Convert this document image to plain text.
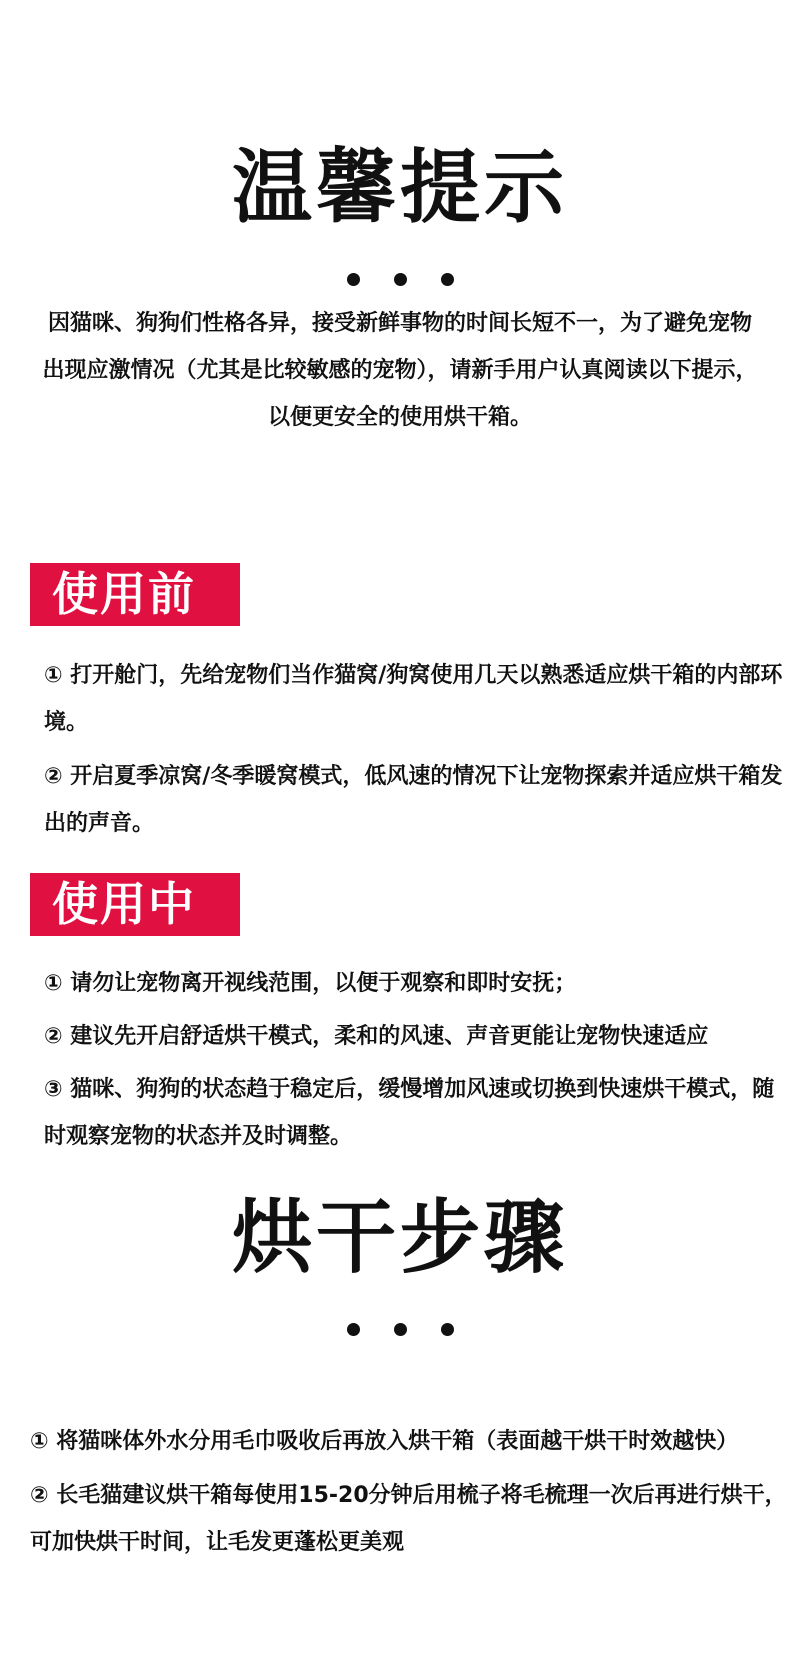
温馨提示

因猫咪、狗狗们性格各异，接受新鲜事物的时间长短不一，为了避免宠物出现应激情况（尤其是比较敏感的宠物），请新手用户认真阅读以下提示，以便更安全的使用烘干箱。

使用前

① 打开舱门，先给宠物们当作猫窝/狗窝使用几天以熟悉适应烘干箱的内部环境。

② 开启夏季凉窝/冬季暖窝模式，低风速的情况下让宠物探索并适应烘干箱发出的声音。

使用中

① 请勿让宠物离开视线范围，以便于观察和即时安抚；

② 建议先开启舒适烘干模式，柔和的风速、声音更能让宠物快速适应

③ 猫咪、狗狗的状态趋于稳定后，缓慢增加风速或切换到快速烘干模式，随时观察宠物的状态并及时调整。

烘干步骤

① 将猫咪体外水分用毛巾吸收后再放入烘干箱（表面越干烘干时效越快）

② 长毛猫建议烘干箱每使用15-20分钟后用梳子将毛梳理一次后再进行烘干，可加快烘干时间，让毛发更蓬松更美观
